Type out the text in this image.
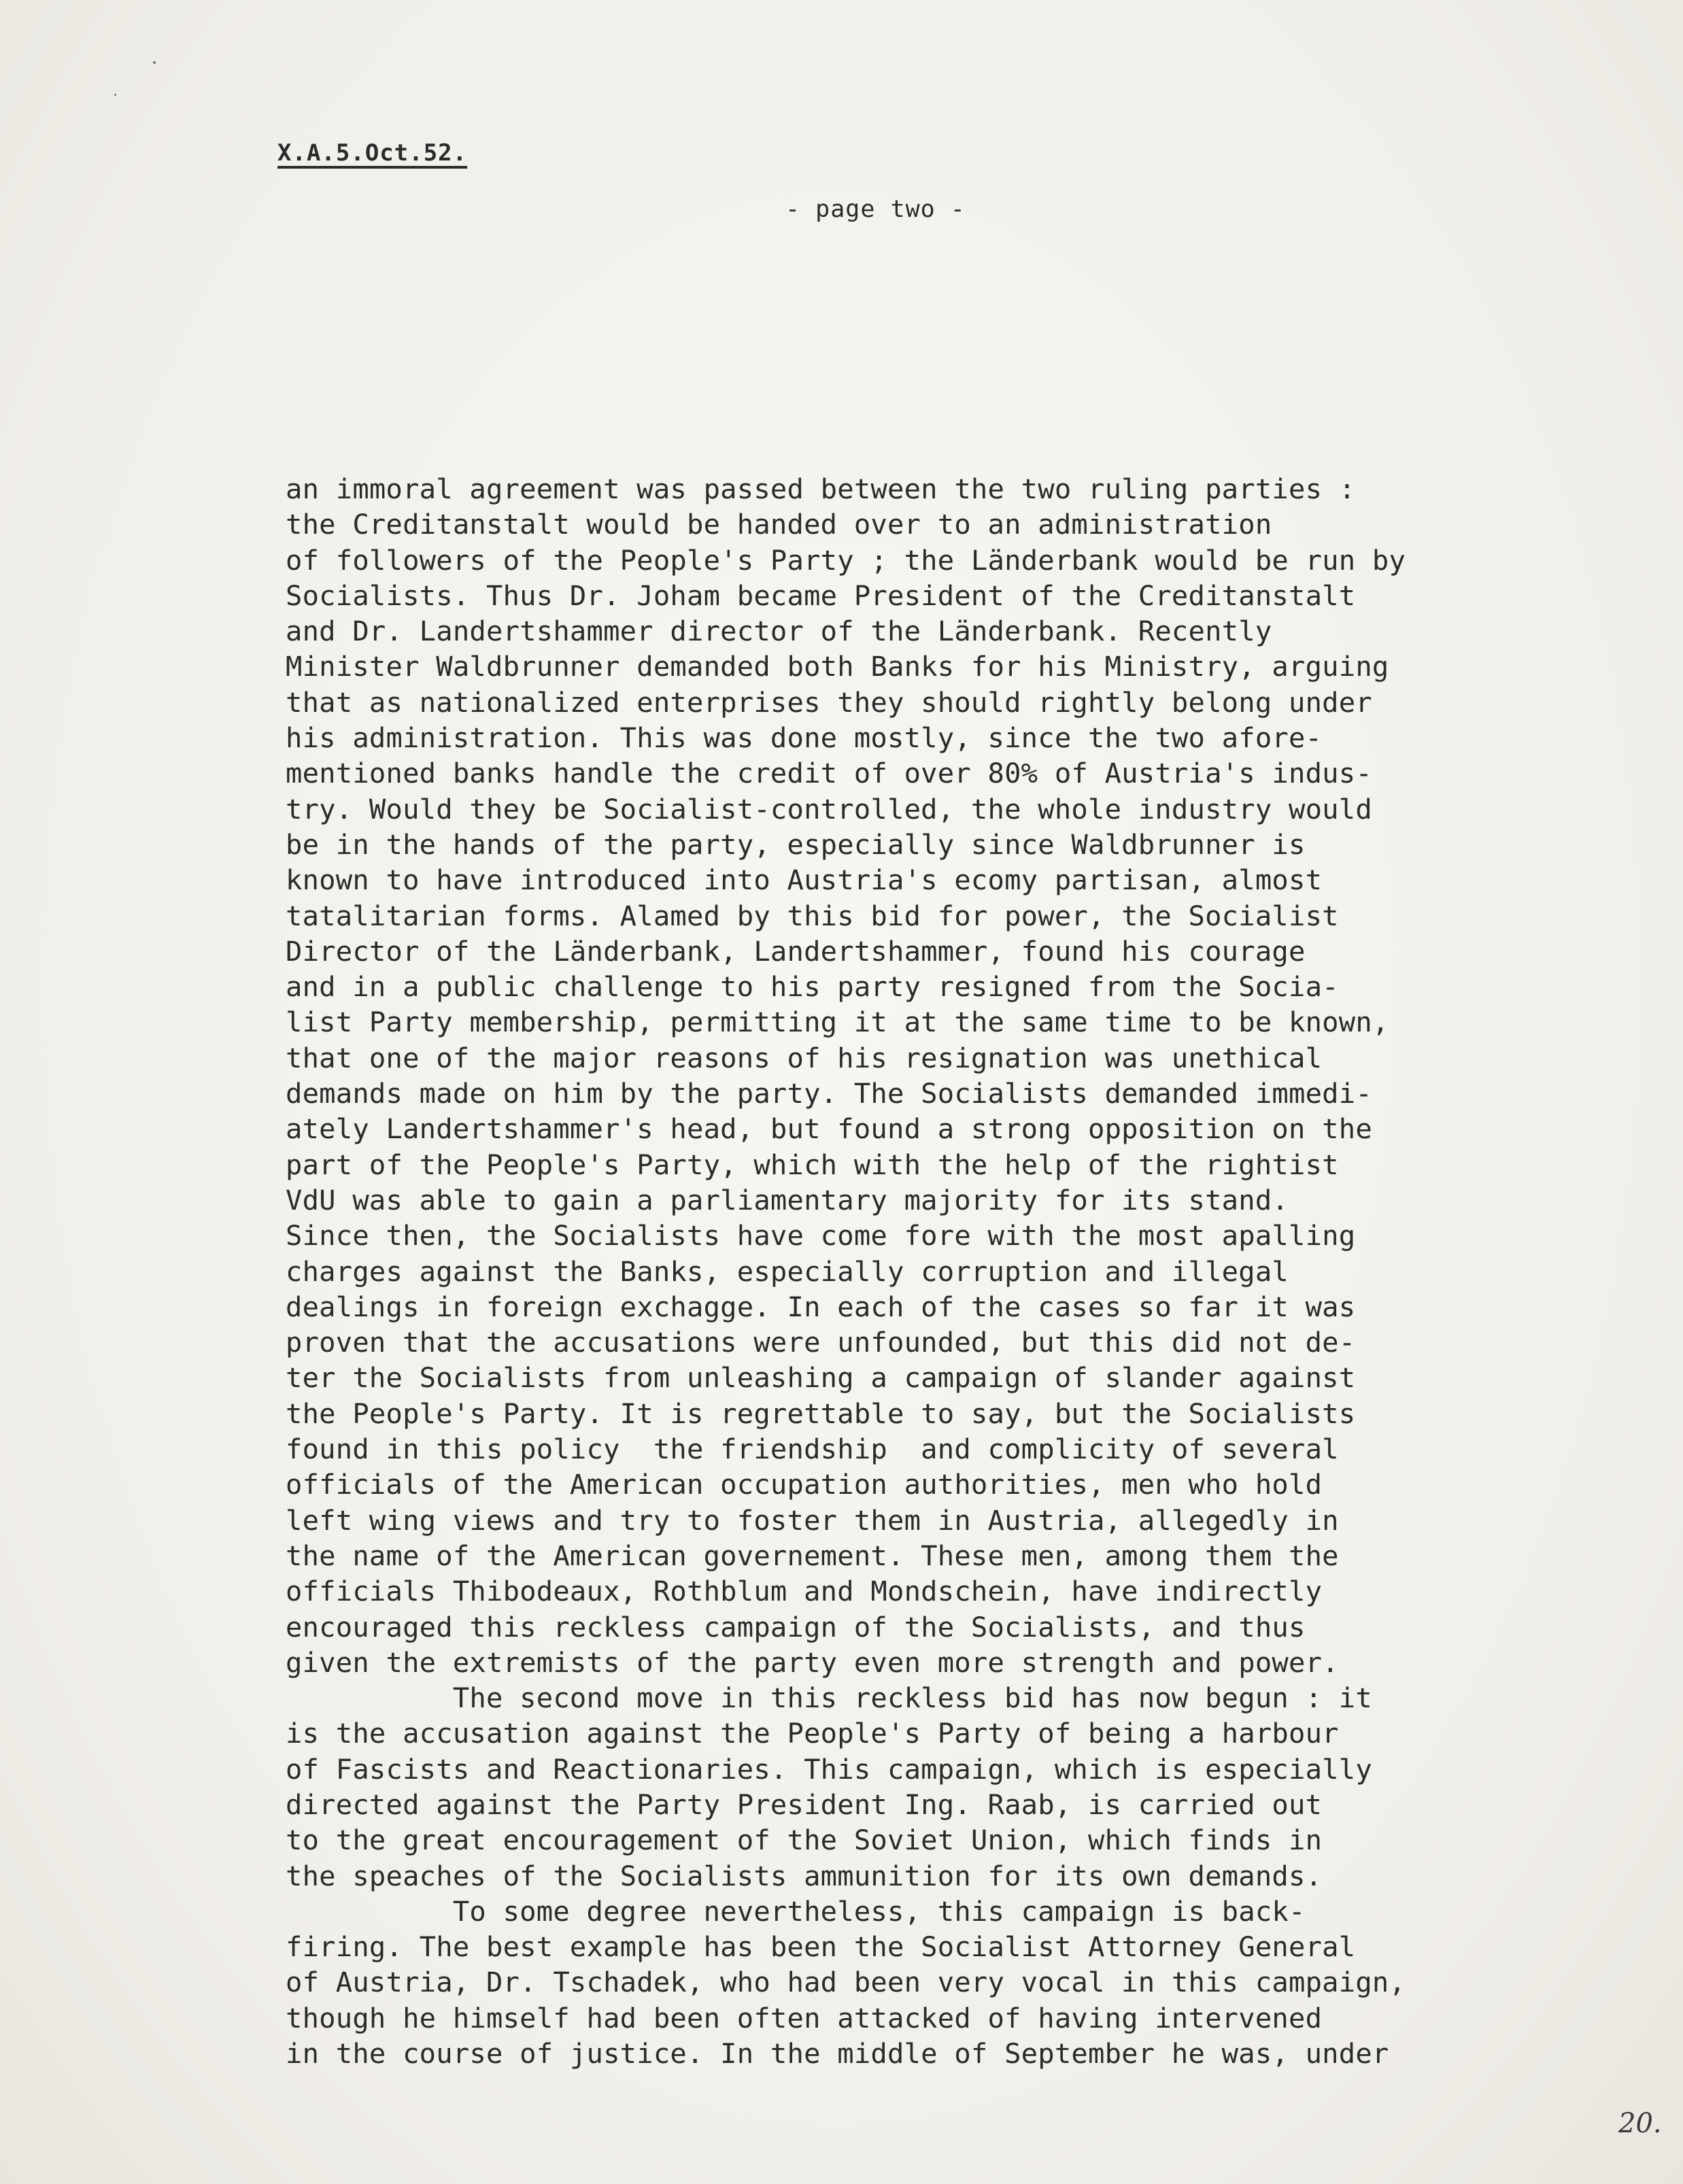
X.A.5.Oct.52.
- page two -
an immoral agreement was passed between the two ruling parties :
the Creditanstalt would be handed over to an administration
of followers of the People's Party ; the Länderbank would be run by
Socialists. Thus Dr. Joham became President of the Creditanstalt
and Dr. Landertshammer director of the Länderbank. Recently
Minister Waldbrunner demanded both Banks for his Ministry, arguing
that as nationalized enterprises they should rightly belong under
his administration. This was done mostly, since the two afore-
mentioned banks handle the credit of over 80% of Austria's indus-
try. Would they be Socialist-controlled, the whole industry would
be in the hands of the party, especially since Waldbrunner is
known to have introduced into Austria's ecomy partisan, almost
tatalitarian forms. Alamed by this bid for power, the Socialist
Director of the Länderbank, Landertshammer, found his courage
and in a public challenge to his party resigned from the Socia-
list Party membership, permitting it at the same time to be known,
that one of the major reasons of his resignation was unethical
demands made on him by the party. The Socialists demanded immedi-
ately Landertshammer's head, but found a strong opposition on the
part of the People's Party, which with the help of the rightist
VdU was able to gain a parliamentary majority for its stand.
Since then, the Socialists have come fore with the most apalling
charges against the Banks, especially corruption and illegal
dealings in foreign exchagge. In each of the cases so far it was
proven that the accusations were unfounded, but this did not de-
ter the Socialists from unleashing a campaign of slander against
the People's Party. It is regrettable to say, but the Socialists
found in this policy  the friendship  and complicity of several
officials of the American occupation authorities, men who hold
left wing views and try to foster them in Austria, allegedly in
the name of the American governement. These men, among them the
officials Thibodeaux, Rothblum and Mondschein, have indirectly
encouraged this reckless campaign of the Socialists, and thus
given the extremists of the party even more strength and power.
The second move in this reckless bid has now begun : it
is the accusation against the People's Party of being a harbour
of Fascists and Reactionaries. This campaign, which is especially
directed against the Party President Ing. Raab, is carried out
to the great encouragement of the Soviet Union, which finds in
the speaches of the Socialists ammunition for its own demands.
To some degree nevertheless, this campaign is back-
firing. The best example has been the Socialist Attorney General
of Austria, Dr. Tschadek, who had been very vocal in this campaign,
though he himself had been often attacked of having intervened
in the course of justice. In the middle of September he was, under
20.
